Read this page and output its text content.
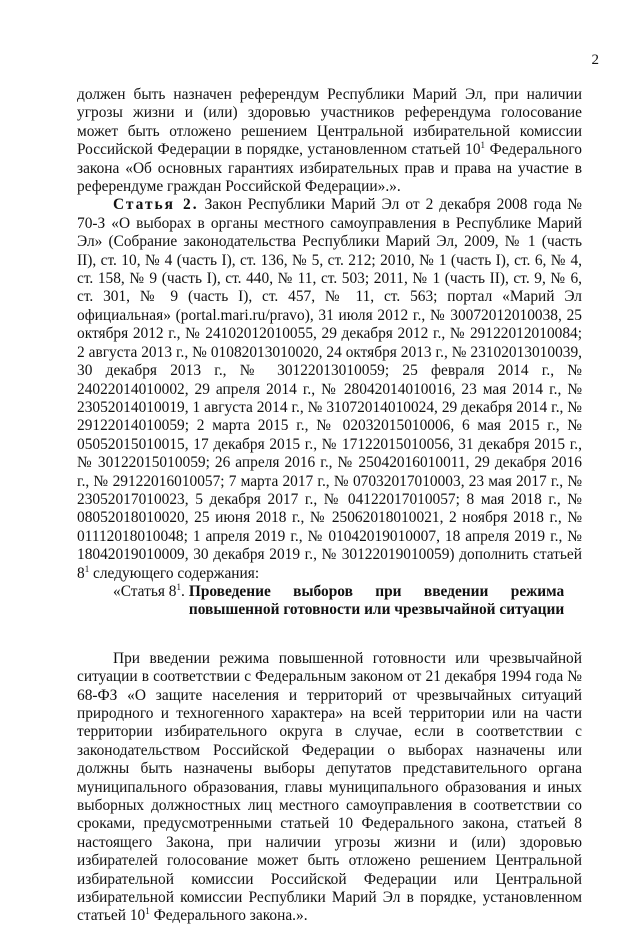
2

должен быть назначен референдум Республики Марий Эл, при наличии угрозы жизни и (или) здоровью участников референдума голосование может быть отложено решением Центральной избирательной комиссии Российской Федерации в порядке, установленном статьей $10^1$ Федерального закона «Об основных гарантиях избирательных прав и права на участие в референдуме граждан Российской Федерации».».

Статья 2. Закон Республики Марий Эл от 2 декабря 2008 года № 70-З «О выборах в органы местного самоуправления в Республике Марий Эл» (Собрание законодательства Республики Марий Эл, 2009, № 1 (часть II), ст. 10, № 4 (часть I), ст. 136, № 5, ст. 212; 2010, № 1 (часть I), ст. 6, № 4, ст. 158, № 9 (часть I), ст. 440, № 11, ст. 503; 2011, № 1 (часть II), ст. 9, № 6, ст. 301, № 9 (часть I), ст. 457, № 11, ст. 563; портал «Марий Эл официальная» (portal.mari.ru/pravo), 31 июля 2012 г., № 30072012010038, 25 октября 2012 г., № 24102012010055, 29 декабря 2012 г., № 29122012010084; 2 августа 2013 г., № 01082013010020, 24 октября 2013 г., № 23102013010039, 30 декабря 2013 г., № 30122013010059; 25 февраля 2014 г., № 24022014010002, 29 апреля 2014 г., № 28042014010016, 23 мая 2014 г., № 23052014010019, 1 августа 2014 г., № 31072014010024, 29 декабря 2014 г., № 29122014010059; 2 марта 2015 г., № 02032015010006, 6 мая 2015 г., № 05052015010015, 17 декабря 2015 г., № 17122015010056, 31 декабря 2015 г., № 30122015010059; 26 апреля 2016 г., № 25042016010011, 29 декабря 2016 г., № 29122016010057; 7 марта 2017 г., № 07032017010003, 23 мая 2017 г., № 23052017010023, 5 декабря 2017 г., № 04122017010057; 8 мая 2018 г., № 08052018010020, 25 июня 2018 г., № 25062018010021, 2 ноября 2018 г., № 01112018010048; 1 апреля 2019 г., № 01042019010007, 18 апреля 2019 г., № 18042019010009, 30 декабря 2019 г., № 30122019010059) дополнить статьей $8^1$ следующего содержания:

«Статья $8^1$. Проведение выборов при введении режима
повышенной готовности или чрезвычайной ситуации

При введении режима повышенной готовности или чрезвычайной ситуации в соответствии с Федеральным законом от 21 декабря 1994 года № 68-ФЗ «О защите населения и территорий от чрезвычайных ситуаций природного и техногенного характера» на всей территории или на части территории избирательного округа в случае, если в соответствии с законодательством Российской Федерации о выборах назначены или должны быть назначены выборы депутатов представительного органа муниципального образования, главы муниципального образования и иных выборных должностных лиц местного самоуправления в соответствии со сроками, предусмотренными статьей 10 Федерального закона, статьей 8 настоящего Закона, при наличии угрозы жизни и (или) здоровью избирателей голосование может быть отложено решением Центральной избирательной комиссии Российской Федерации или Центральной избирательной комиссии Республики Марий Эл в порядке, установленном статьей $10^1$ Федерального закона.».
